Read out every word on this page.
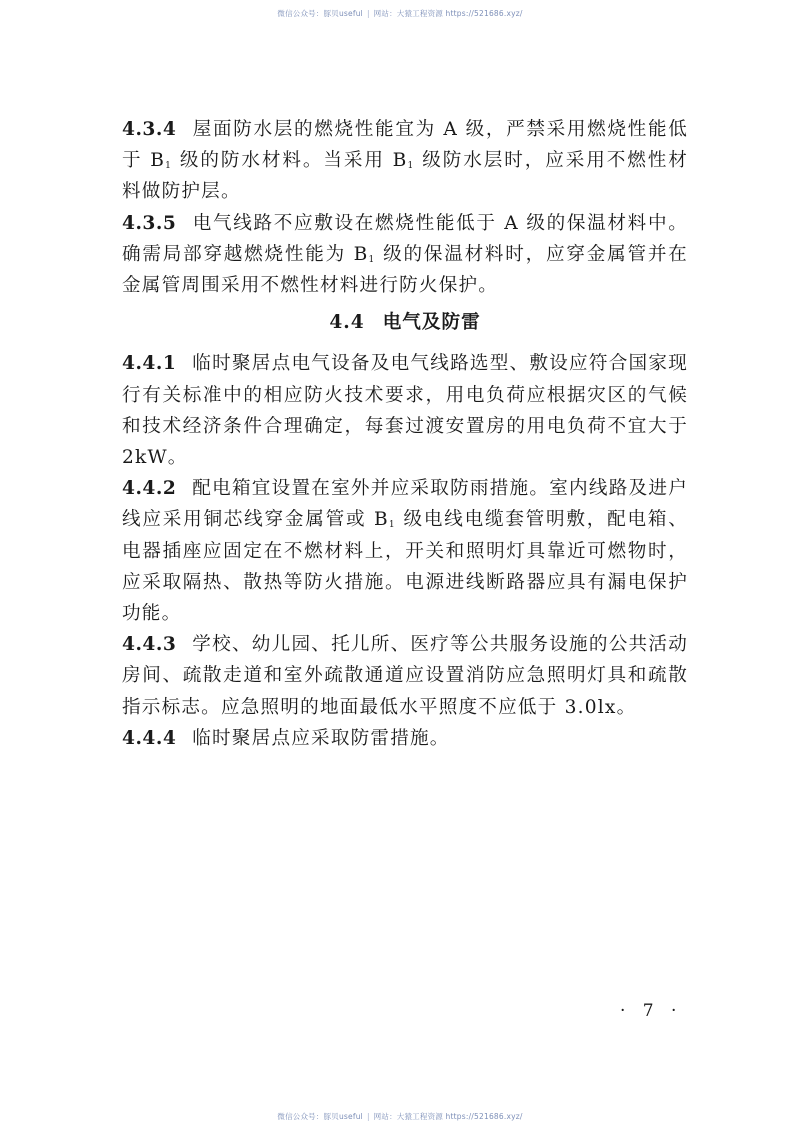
微信公众号：豚贝useful | 网站：大猿工程资源 https://521686.xyz/

4.3.4 屋面防水层的燃烧性能宜为 A 级，严禁采用燃烧性能低于 $B_1$ 级的防水材料。当采用 $B_1$ 级防水层时，应采用不燃性材料做防护层。

4.3.5 电气线路不应敷设在燃烧性能低于 A 级的保温材料中。确需局部穿越燃烧性能为 $B_1$ 级的保温材料时，应穿金属管并在金属管周围采用不燃性材料进行防火保护。

4.4 电气及防雷

4.4.1 临时聚居点电气设备及电气线路选型、敷设应符合国家现行有关标准中的相应防火技术要求，用电负荷应根据灾区的气候和技术经济条件合理确定，每套过渡安置房的用电负荷不宜大于 2kW。

4.4.2 配电箱宜设置在室外并应采取防雨措施。室内线路及进户线应采用铜芯线穿金属管或 $B_1$ 级电线电缆套管明敷，配电箱、电器插座应固定在不燃材料上，开关和照明灯具靠近可燃物时，应采取隔热、散热等防火措施。电源进线断路器应具有漏电保护功能。

4.4.3 学校、幼儿园、托儿所、医疗等公共服务设施的公共活动房间、疏散走道和室外疏散通道应设置消防应急照明灯具和疏散指示标志。应急照明的地面最低水平照度不应低于 3.0lx。

4.4.4 临时聚居点应采取防雷措施。

· 7 ·
微信公众号：豚贝useful | 网站：大猿工程资源 https://521686.xyz/
